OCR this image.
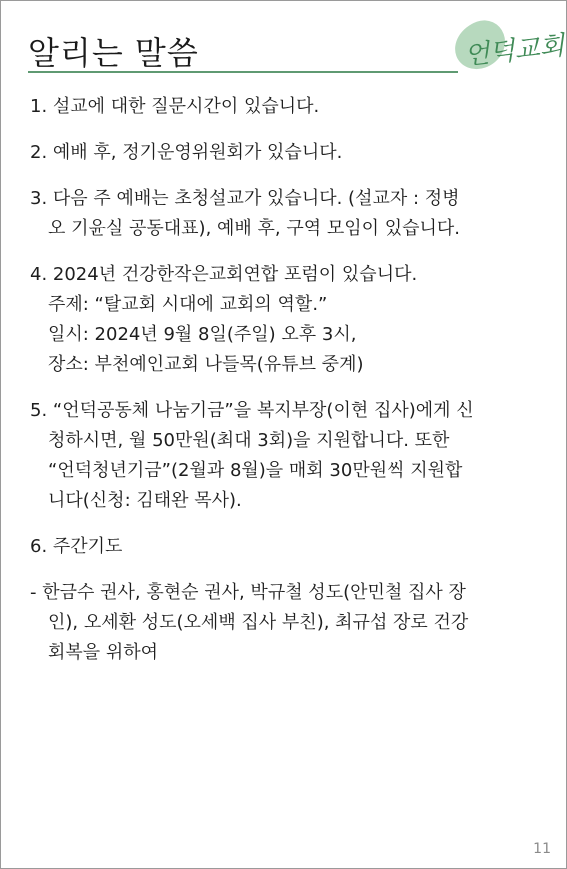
알리는 말씀	언덕교회
1. 설교에 대한 질문시간이 있습니다.
2. 예배 후, 정기운영위원회가 있습니다.
3. 다음 주 예배는 초청설교가 있습니다. (설교자 : 정병
오 기윤실 공동대표), 예배 후, 구역 모임이 있습니다.
4. 2024년 건강한작은교회연합 포럼이 있습니다.
주제: “탈교회 시대에 교회의 역할.”
일시: 2024년 9월 8일(주일) 오후 3시,
장소: 부천예인교회 나들목(유튜브 중계)
5. “언덕공동체 나눔기금”을 복지부장(이현 집사)에게 신
청하시면, 월 50만원(최대 3회)을 지원합니다. 또한
“언덕청년기금”(2월과 8월)을 매회 30만원씩 지원합
니다(신청: 김태완 목사).
6. 주간기도
- 한금수 권사, 홍현순 권사, 박규철 성도(안민철 집사 장
인), 오세환 성도(오세백 집사 부친), 최규섭 장로 건강
회복을 위하여
11
